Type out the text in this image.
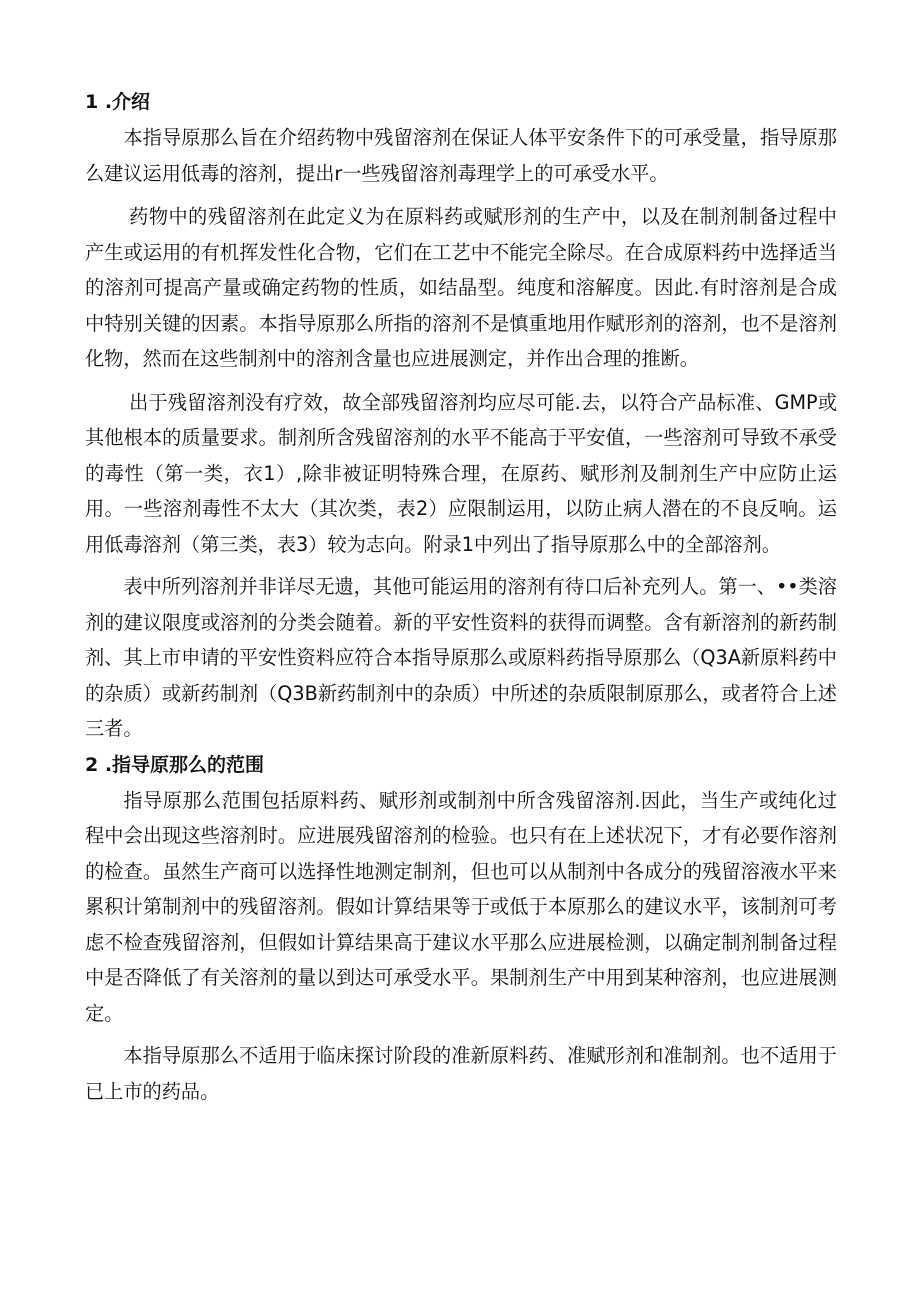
1 .介绍

本指导原那么旨在介绍药物中残留溶剂在保证人体平安条件下的可承受量，指导原那么建议运用低毒的溶剂，提出r一些残留溶剂毒理学上的可承受水平。

药物中的残留溶剂在此定义为在原料药或赋形剂的生产中，以及在制剂制备过程中产生或运用的有机挥发性化合物，它们在工艺中不能完全除尽。在合成原料药中选择适当的溶剂可提高产量或确定药物的性质，如结晶型。纯度和溶解度。因此.有时溶剂是合成中特别关键的因素。本指导原那么所指的溶剂不是慎重地用作赋形剂的溶剂，也不是溶剂化物，然而在这些制剂中的溶剂含量也应进展测定，并作出合理的推断。

出于残留溶剂没有疗效，故全部残留溶剂均应尽可能.去，以符合产品标准、GMP或其他根本的质量要求。制剂所含残留溶剂的水平不能高于平安值，一些溶剂可导致不承受的毒性（第一类，衣1）,除非被证明特殊合理，在原药、赋形剂及制剂生产中应防止运用。一些溶剂毒性不太大（其次类，表2）应限制运用，以防止病人潜在的不良反响。运用低毒溶剂（第三类，表3）较为志向。附录1中列出了指导原那么中的全部溶剂。

表中所列溶剂并非详尽无遗，其他可能运用的溶剂有待口后补充列人。第一、••类溶剂的建议限度或溶剂的分类会随着。新的平安性资料的获得而调整。含有新溶剂的新药制剂、其上市申请的平安性资料应符合本指导原那么或原料药指导原那么（Q3A新原料药中的杂质）或新药制剂（Q3B新药制剂中的杂质）中所述的杂质限制原那么，或者符合上述三者。

2 .指导原那么的范围

指导原那么范围包括原料药、赋形剂或制剂中所含残留溶剂.因此，当生产或纯化过程中会出现这些溶剂时。应进展残留溶剂的检验。也只有在上述状况下，才有必要作溶剂的检查。虽然生产商可以选择性地测定制剂，但也可以从制剂中各成分的残留溶液水平来累积计第制剂中的残留溶剂。假如计算结果等于或低于本原那么的建议水平，该制剂可考虑不检查残留溶剂，但假如计算结果高于建议水平那么应进展检测，以确定制剂制备过程中是否降低了有关溶剂的量以到达可承受水平。果制剂生产中用到某种溶剂，也应进展测定。

本指导原那么不适用于临床探讨阶段的准新原料药、准赋形剂和准制剂。也不适用于已上市的药品。
